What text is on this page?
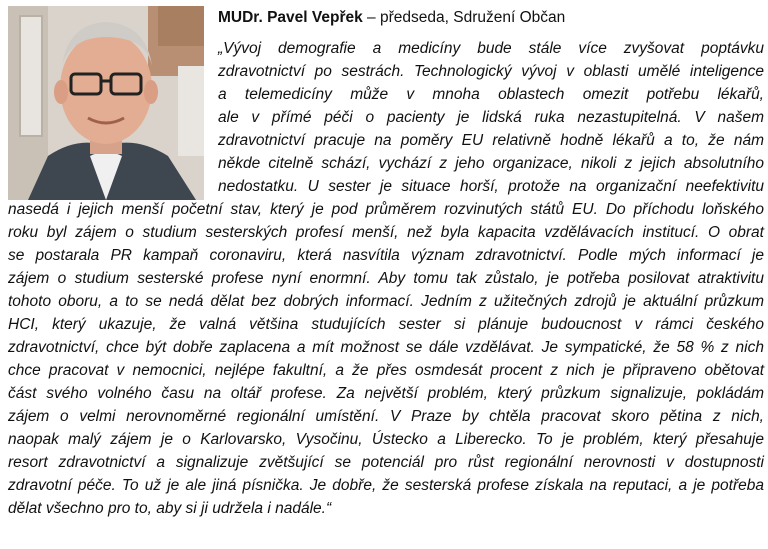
MUDr. Pavel Vepřek – předseda, Sdružení Občan
„Vývoj demografie a medicíny bude stále více zvyšovat poptávku
zdravotnictví po sestrách. Technologický vývoj v oblasti umělé inteligence
a telemedicíny může v mnoha oblastech omezit potřebu lékařů,
ale v přímé péči o pacienty je lidská ruka nezastupitelná. V našem
zdravotnictví pracuje na poměry EU relativně hodně lékařů a to, že nám
někde citelně schází, vychází z jeho organizace, nikoli z jejich absolutního
nedostatku. U sester je situace horší, protože na organizační neefektivitu
nasedá i jejich menší početní stav, který je pod průměrem rozvinutých států EU. Do příchodu loňského
roku byl zájem o studium sesterských profesí menší, než byla kapacita vzdělávacích institucí. O obrat
se postarala PR kampaň coronaviru, která nasvítila význam zdravotnictví. Podle mých informací je
zájem o studium sesterské profese nyní enormní. Aby tomu tak zůstalo, je potřeba posilovat atraktivitu
tohoto oboru, a to se nedá dělat bez dobrých informací. Jedním z užitečných zdrojů je aktuální průzkum
HCI, který ukazuje, že valná většina studujících sester si plánuje budoucnost v rámci českého
zdravotnictví, chce být dobře zaplacena a mít možnost se dále vzdělávat. Je sympatické, že 58 % z nich
chce pracovat v nemocnici, nejlépe fakultní, a že přes osmdesát procent z nich je připraveno obětovat
část svého volného času na oltář profese. Za největší problém, který průzkum signalizuje, pokládám
zájem o velmi nerovnoměrné regionální umístění. V Praze by chtěla pracovat skoro pětina z nich,
naopak malý zájem je o Karlovarsko, Vysočinu, Ústecko a Liberecko. To je problém, který přesahuje
resort zdravotnictví a signalizuje zvětšující se potenciál pro růst regionální nerovnosti v dostupnosti
zdravotní péče. To už je ale jiná písnička. Je dobře, že sesterská profese získala na reputaci, a je potřeba
dělat všechno pro to, aby si ji udržela i nadále.“
